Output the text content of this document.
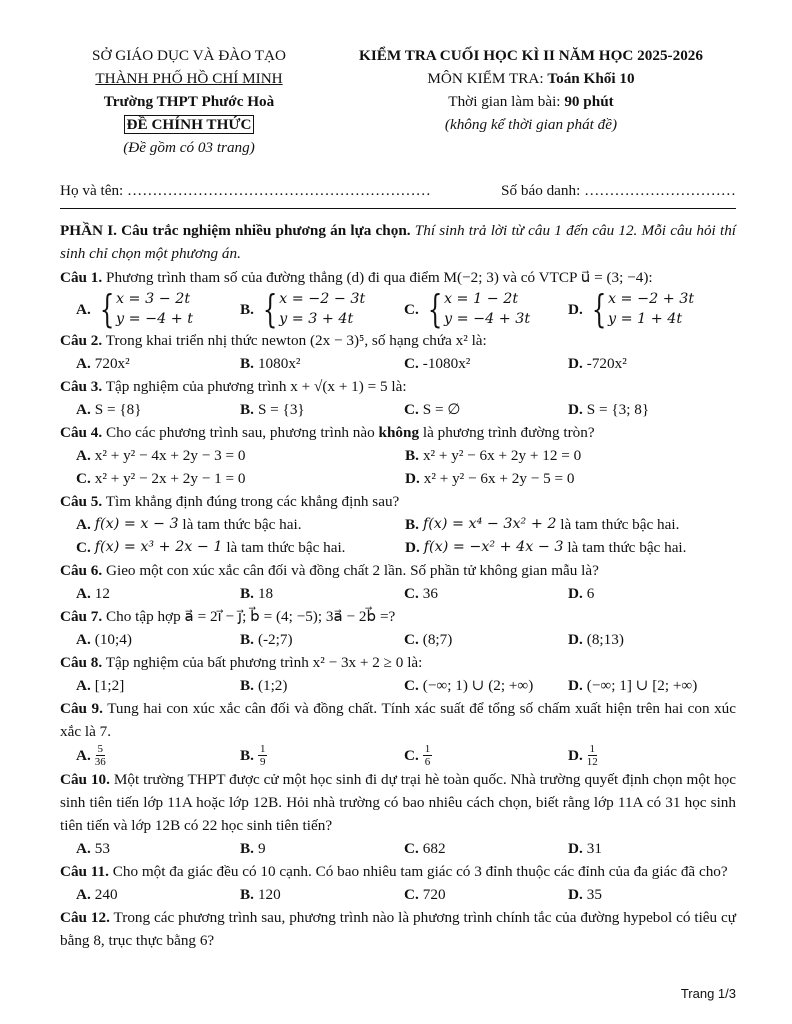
SỞ GIÁO DỤC VÀ ĐÀO TẠO
THÀNH PHỐ HỒ CHÍ MINH
Trường THPT Phước Hoà
ĐỀ CHÍNH THỨC
(Đề gồm có 03 trang)
KIỂM TRA CUỐI HỌC KÌ II NĂM HỌC 2025-2026
MÔN KIỂM TRA: Toán Khối 10
Thời gian làm bài: 90 phút
(không kể thời gian phát đề)
Họ và tên: ……………………………………………………	Số báo danh: …………………………
PHẦN I. Câu trắc nghiệm nhiều phương án lựa chọn. Thí sinh trả lời từ câu 1 đến câu 12. Mỗi câu hỏi thí sinh chỉ chọn một phương án.
Câu 1. Phương trình tham số của đường thẳng (d) đi qua điểm M(−2; 3) và có VTCP u⃗ = (3; −4):
A. { x = 3 − 2t
y = −4 + t
B. { x = −2 − 3t
y = 3 + 4t
C. { x = 1 − 2t
y = −4 + 3t
D. { x = −2 + 3t
y = 1 + 4t
Câu 2. Trong khai triển nhị thức newton (2x − 3)⁵, số hạng chứa x² là:
A. 720x²	B. 1080x²	C. -1080x²	D. -720x²
Câu 3. Tập nghiệm của phương trình x + √(x + 1) = 5 là:
A. S = {8}	B. S = {3}	C. S = ∅	D. S = {3; 8}
Câu 4. Cho các phương trình sau, phương trình nào không là phương trình đường tròn?
A. x² + y² − 4x + 2y − 3 = 0	B. x² + y² − 6x + 2y + 12 = 0
C. x² + y² − 2x + 2y − 1 = 0	D. x² + y² − 6x + 2y − 5 = 0
Câu 5. Tìm khẳng định đúng trong các khẳng định sau?
A. f(x) = x − 3
là tam thức bậc hai.	B. f(x) = x⁴ − 3x² + 2
là tam thức bậc hai.
C. f(x) = x³ + 2x − 1
là tam thức bậc hai.	D. f(x) = −x² + 4x − 3
là tam thức bậc hai.
Câu 6. Gieo một con xúc xắc cân đối và đồng chất 2 lần. Số phần tử không gian mẫu là?
A. 12	B. 18	C. 36	D. 6
Câu 7. Cho tập hợp a⃗ = 2i⃗ − j⃗; b⃗ = (4; −5); 3a⃗ − 2b⃗ =?
A. (10;4)	B. (-2;7)	C. (8;7)	D. (8;13)
Câu 8. Tập nghiệm của bất phương trình x² − 3x + 2 ≥ 0 là:
A. [1;2]	B. (1;2)	C. (−∞; 1) ∪ (2; +∞) D. (−∞; 1] ∪ [2; +∞)
Câu 9. Tung hai con xúc xắc cân đối và đồng chất. Tính xác suất để tổng số chấm xuất hiện trên hai con xúc xắc là 7.
A. $\frac{5}{36}$	B. $\frac{1}{9}$	C. $\frac{1}{6}$	D. $\frac{1}{12}$
Câu 10. Một trường THPT được cử một học sinh đi dự trại hè toàn quốc. Nhà trường quyết định chọn một học sinh tiên tiến lớp 11A hoặc lớp 12B. Hỏi nhà trường có bao nhiêu cách chọn, biết rằng lớp 11A có 31 học sinh tiên tiến và lớp 12B có 22 học sinh tiên tiến?
A. 53	B. 9	C. 682	D. 31
Câu 11. Cho một đa giác đều có 10 cạnh. Có bao nhiêu tam giác có 3 đỉnh thuộc các đỉnh của đa giác đã cho?
A. 240	B. 120	C. 720	D. 35
Câu 12. Trong các phương trình sau, phương trình nào là phương trình chính tắc của đường hypebol có tiêu cự bằng 8, trục thực bằng 6?
Trang 1/3
